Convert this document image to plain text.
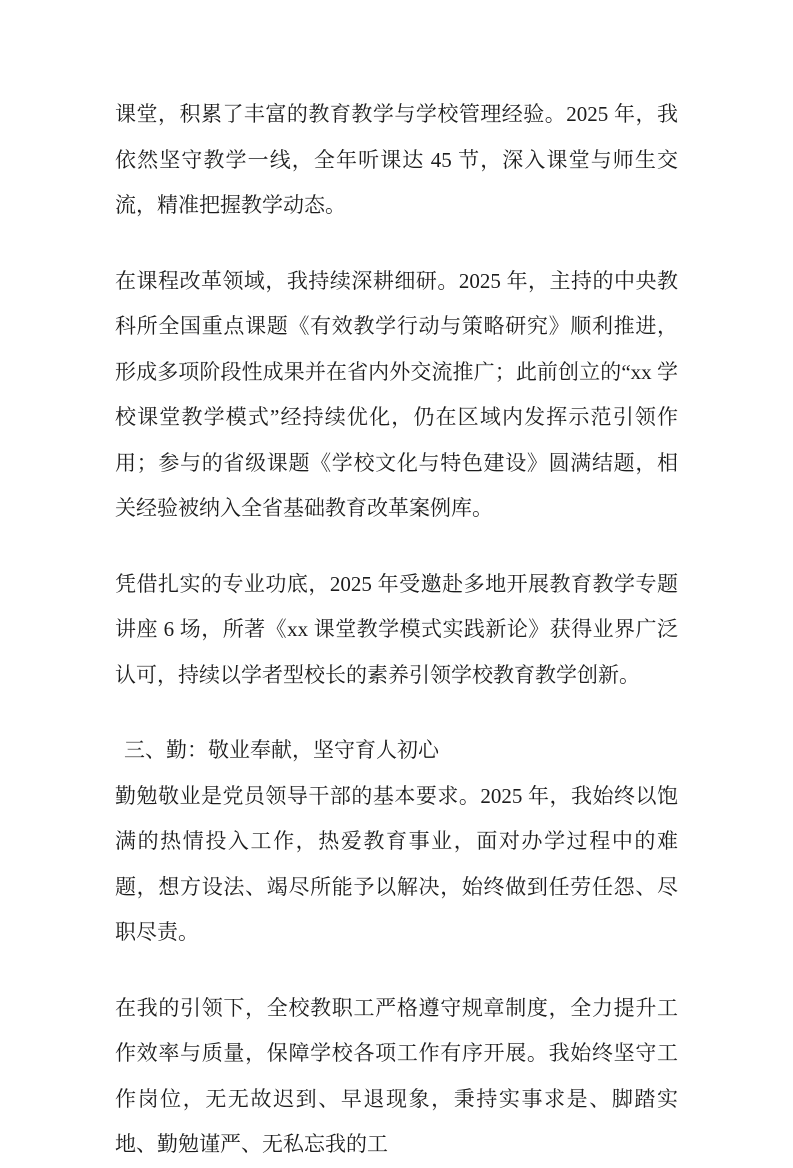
课堂，积累了丰富的教育教学与学校管理经验。2025 年，我依然坚守教学一线，全年听课达 45 节，深入课堂与师生交流，精准把握教学动态。

在课程改革领域，我持续深耕细研。2025 年，主持的中央教科所全国重点课题《有效教学行动与策略研究》顺利推进，形成多项阶段性成果并在省内外交流推广；此前创立的“xx 学校课堂教学模式”经持续优化，仍在区域内发挥示范引领作用；参与的省级课题《学校文化与特色建设》圆满结题，相关经验被纳入全省基础教育改革案例库。

凭借扎实的专业功底，2025 年受邀赴多地开展教育教学专题讲座 6 场，所著《xx 课堂教学模式实践新论》获得业界广泛认可，持续以学者型校长的素养引领学校教育教学创新。

三、勤：敬业奉献，坚守育人初心

勤勉敬业是党员领导干部的基本要求。2025 年，我始终以饱满的热情投入工作，热爱教育事业，面对办学过程中的难题，想方设法、竭尽所能予以解决，始终做到任劳任怨、尽职尽责。

在我的引领下，全校教职工严格遵守规章制度，全力提升工作效率与质量，保障学校各项工作有序开展。我始终坚守工作岗位，无无故迟到、早退现象，秉持实事求是、脚踏实地、勤勉谨严、无私忘我的工
